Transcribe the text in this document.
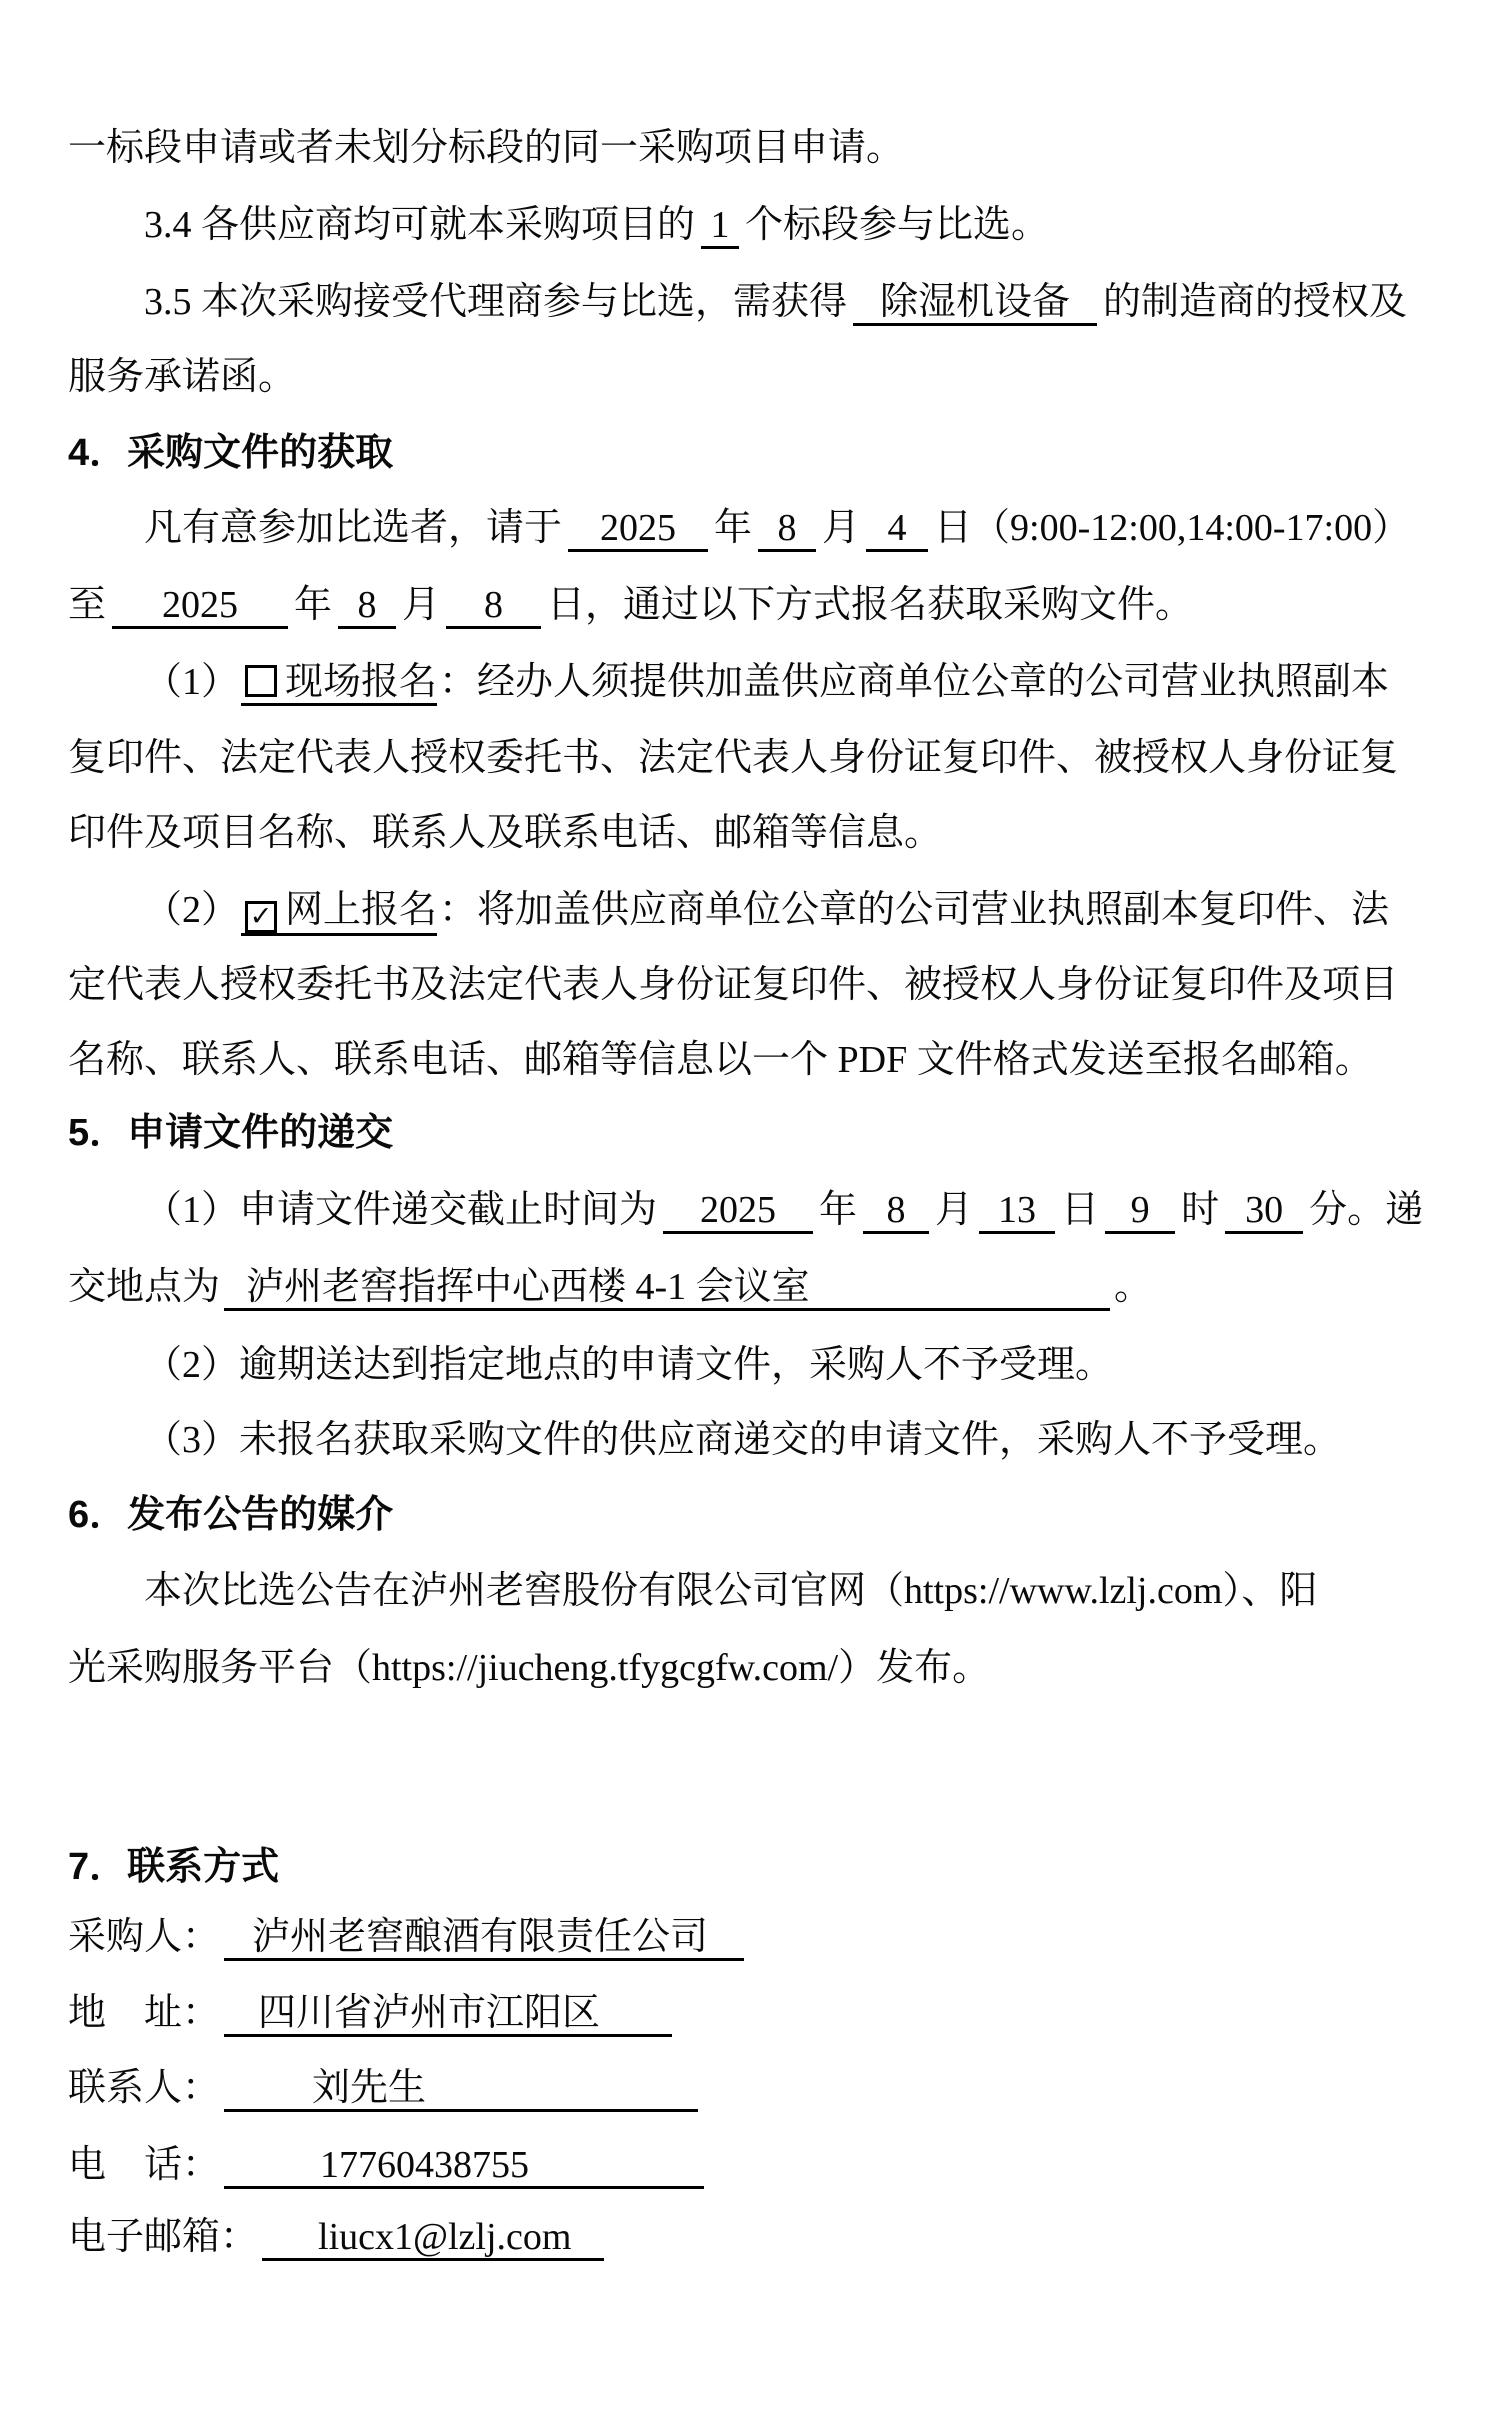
一标段申请或者未划分标段的同一采购项目申请。
3.4 各供应商均可就本采购项目的 1 个标段参与比选。
3.5 本次采购接受代理商参与比选，需获得 除湿机设备 的制造商的授权及
服务承诺函。
4．采购文件的获取
凡有意参加比选者，请于 2025 年 8 月 4 日（9:00-12:00,14:00-17:00）
至 2025 年 8 月 8 日，通过以下方式报名获取采购文件。
（1） 现场报名：经办人须提供加盖供应商单位公章的公司营业执照副本
复印件、法定代表人授权委托书、法定代表人身份证复印件、被授权人身份证复
印件及项目名称、联系人及联系电话、邮箱等信息。
（2） ✓ 网上报名：将加盖供应商单位公章的公司营业执照副本复印件、法
定代表人授权委托书及法定代表人身份证复印件、被授权人身份证复印件及项目
名称、联系人、联系电话、邮箱等信息以一个 PDF 文件格式发送至报名邮箱。
5．申请文件的递交
（1）申请文件递交截止时间为 2025 年 8 月 13 日 9 时 30 分。递
交地点为 泸州老窖指挥中心西楼 4-1 会议室	。
（2）逾期送达到指定地点的申请文件，采购人不予受理。
（3）未报名获取采购文件的供应商递交的申请文件，采购人不予受理。
6．发布公告的媒介
本次比选公告在泸州老窖股份有限公司官网（https://www.lzlj.com）、阳
光采购服务平台（https://jiucheng.tfygcgfw.com/）发布。
7．联系方式
采购人： 泸州老窖酿酒有限责任公司
地　址： 四川省泸州市江阳区
联系人： 刘先生
电　话：	17760438755
电子邮箱： liucx1@lzlj.com
